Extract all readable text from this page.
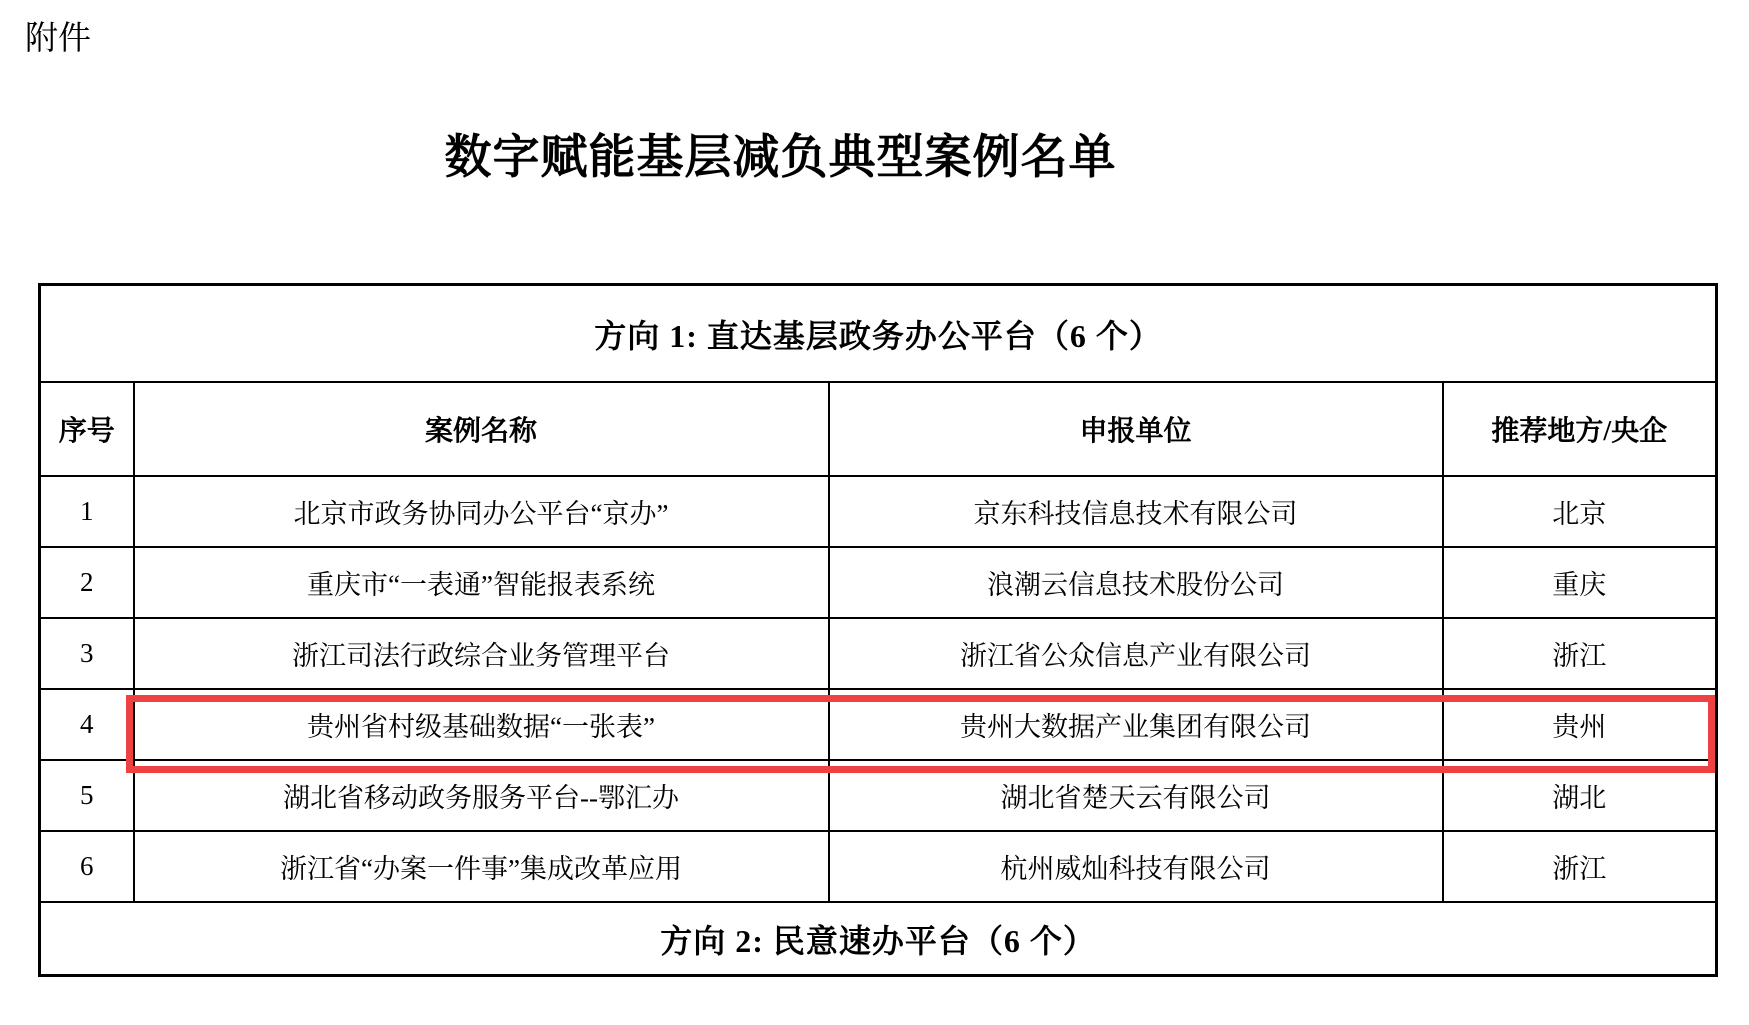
附件
数字赋能基层减负典型案例名单
方向 1: 直达基层政务办公平台（6 个）			
序号	案例名称	申报单位	推荐地方/央企
1	北京市政务协同办公平台“京办”	京东科技信息技术有限公司	北京
2	重庆市“一表通”智能报表系统	浪潮云信息技术股份公司	重庆
3	浙江司法行政综合业务管理平台	浙江省公众信息产业有限公司	浙江
4	贵州省村级基础数据“一张表”	贵州大数据产业集团有限公司	贵州
5	湖北省移动政务服务平台--鄂汇办	湖北省楚天云有限公司	湖北
6	浙江省“办案一件事”集成改革应用	杭州威灿科技有限公司	浙江
方向 2: 民意速办平台（6 个）			
